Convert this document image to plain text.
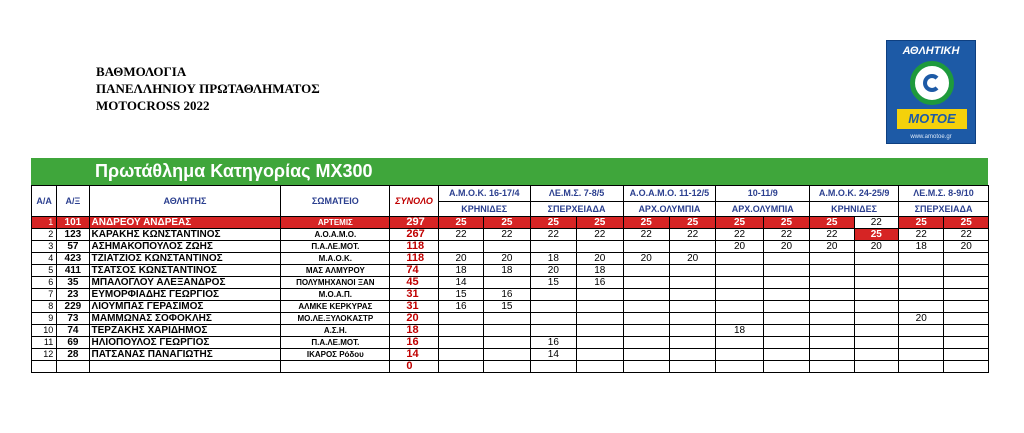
ΒΑΘΜΟΛΟΓΙΑ
ΠΑΝΕΛΛΗΝΙΟΥ ΠΡΩΤΑΘΛΗΜΑΤΟΣ
MOTOCROSS 2022
ΑΘΛΗΤΙΚΗ
ΜΟΤΟΕ
www.amotoe.gr
Πρωτάθλημα Κατηγορίας MX300
Α/Α	Α/Ξ	ΑΘΛΗΤΗΣ	ΣΩΜΑΤΕΙΟ	ΣΥΝΟΛΟ	Α.Μ.Ο.Κ. 16-17/4		ΛΕ.Μ.Σ. 7-8/5		Α.Ο.Α.Μ.Ο. 11-12/5		10-11/9		Α.Μ.Ο.Κ. 24-25/9		ΛΕ.Μ.Σ. 8-9/10	
					ΚΡΗΝΙΔΕΣ		ΣΠΕΡΧΕΙΑΔΑ		ΑΡΧ.ΟΛΥΜΠΙΑ		ΑΡΧ.ΟΛΥΜΠΙΑ		ΚΡΗΝΙΔΕΣ		ΣΠΕΡΧΕΙΑΔΑ	
1	101	ΑΝΔΡΕΟΥ ΑΝΔΡΕΑΣ	ΑΡΤΕΜΙΣ	297	25	25	25	25	25	25	25	25	25	22	25	25
2	123	ΚΑΡΑΚΗΣ ΚΩΝΣΤΑΝΤΙΝΟΣ	Α.Ο.Α.Μ.Ο.	267	22	22	22	22	22	22	22	22	22	25	22	22
3	57	ΑΣΗΜΑΚΟΠΟΥΛΟΣ ΖΩΗΣ	Π.Α.ΛΕ.ΜΟΤ.	118							20	20	20	20	18	20
4	423	ΤΖΙΑΤΖΙΟΣ ΚΩΝΣΤΑΝΤΙΝΟΣ	Μ.Α.Ο.Κ.	118	20	20	18	20	20	20						
5	411	ΤΣΑΤΣΟΣ ΚΩΝΣΤΑΝΤΙΝΟΣ	ΜΑΣ ΑΛΜΥΡΟΥ	74	18	18	20	18								
6	35	ΜΠΑΛΟΓΛΟΥ ΑΛΕΞΑΝΔΡΟΣ	ΠΟΛΥΜΗΧΑΝΟΙ ΞΑΝ	45	14		15	16								
7	23	ΕΥΜΟΡΦΙΑΔΗΣ ΓΕΩΡΓΙΟΣ	Μ.Ο.Α.Π.	31	15	16										
8	229	ΛΙΟΥΜΠΑΣ ΓΕΡΑΣΙΜΟΣ	ΑΛΜΚΕ ΚΕΡΚΥΡΑΣ	31	16	15										
9	73	ΜΑΜΜΩΝΑΣ ΣΟΦΟΚΛΗΣ	ΜΟ.ΛΕ.ΞΥΛΟΚΑΣΤΡ	20											20	
10	74	ΤΕΡΖΑΚΗΣ ΧΑΡΙΔΗΜΟΣ	Α.Σ.Η.	18							18					
11	69	ΗΛΙΟΠΟΥΛΟΣ ΓΕΩΡΓΙΟΣ	Π.Α.ΛΕ.ΜΟΤ.	16			16									
12	28	ΠΑΤΣΑΝΑΣ ΠΑΝΑΓΙΩΤΗΣ	ΙΚΑΡΟΣ Ρόδου	14			14									
				0												
